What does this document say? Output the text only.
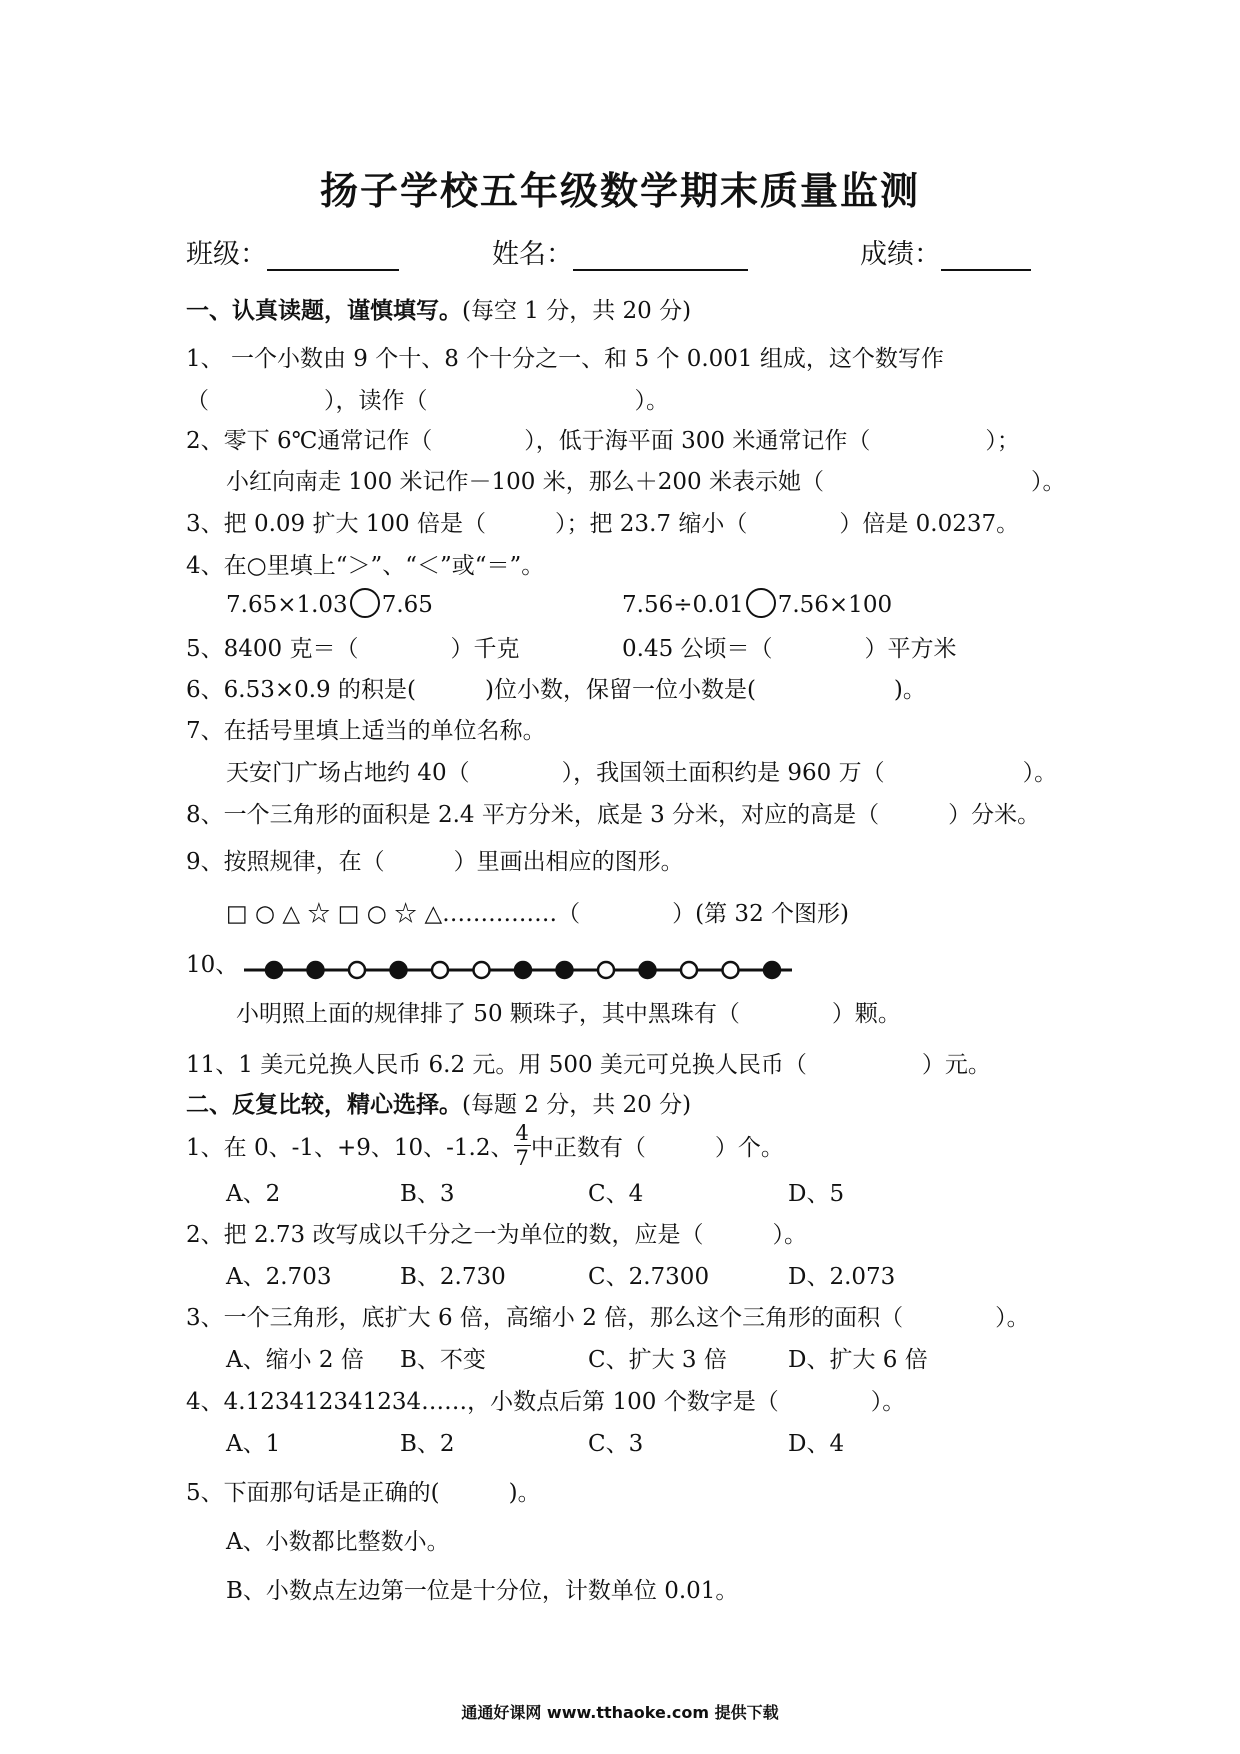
扬子学校五年级数学期末质量监测
班级：	姓名：	成绩：
一、认真读题，谨慎填写。(每空 1 分，共 20 分)
1、 一个小数由 9 个十、8 个十分之一、和 5 个 0.001 组成，这个数写作
（　　　　　），读作（　　　　　　　　　）。
2、零下 6℃通常记作（　　　　），低于海平面 300 米通常记作（　　　　　）；
小红向南走 100 米记作－100 米，那么＋200 米表示她（　　　　　　　　　）。
3、把 0.09 扩大 100 倍是（　　　）；把 23.7 缩小（　　　　）倍是 0.0237。
4、在○里填上“＞”、“＜”或“＝”。
7.65×1.03 7.65	7.56÷0.01 7.56×100
5、8400 克＝（　　　　）千克	0.45 公顷＝（　　　　）平方米
6、6.53×0.9 的积是(　　　)位小数，保留一位小数是(　　　　　　)。
7、在括号里填上适当的单位名称。
天安门广场占地约 40（　　　　），我国领土面积约是 960 万（　　　　　　）。
8、一个三角形的面积是 2.4 平方分米，底是 3 分米，对应的高是（　　　）分米。
9、按照规律，在（　　　）里画出相应的图形。
□ ○ △ ☆ □ ○ ☆ △……………（　　　　）(第 32 个图形)
10、
小明照上面的规律排了 50 颗珠子，其中黑珠有（　　　　）颗。
11、1 美元兑换人民币 6.2 元。用 500 美元可兑换人民币（　　　　　）元。
二、反复比较，精心选择。(每题 2 分，共 20 分)
1、在 0、-1、+9、10、-1.2、 $\frac{4}{7}$ 中正数有（　　　）个。
A、2	B、3	C、4	D、5
2、把 2.73 改写成以千分之一为单位的数，应是（　　　）。
A、2.703	B、2.730	C、2.7300	D、2.073
3、一个三角形，底扩大 6 倍，高缩小 2 倍，那么这个三角形的面积（　　　　）。
A、缩小 2 倍 B、不变	C、扩大 3 倍	D、扩大 6 倍
4、4.123412341234……，小数点后第 100 个数字是（　　　　）。
A、1	B、2	C、3	D、4
5、下面那句话是正确的(　　　)。
A、小数都比整数小。
B、小数点左边第一位是十分位，计数单位 0.01。
通通好课网 www.tthaoke.com 提供下载
